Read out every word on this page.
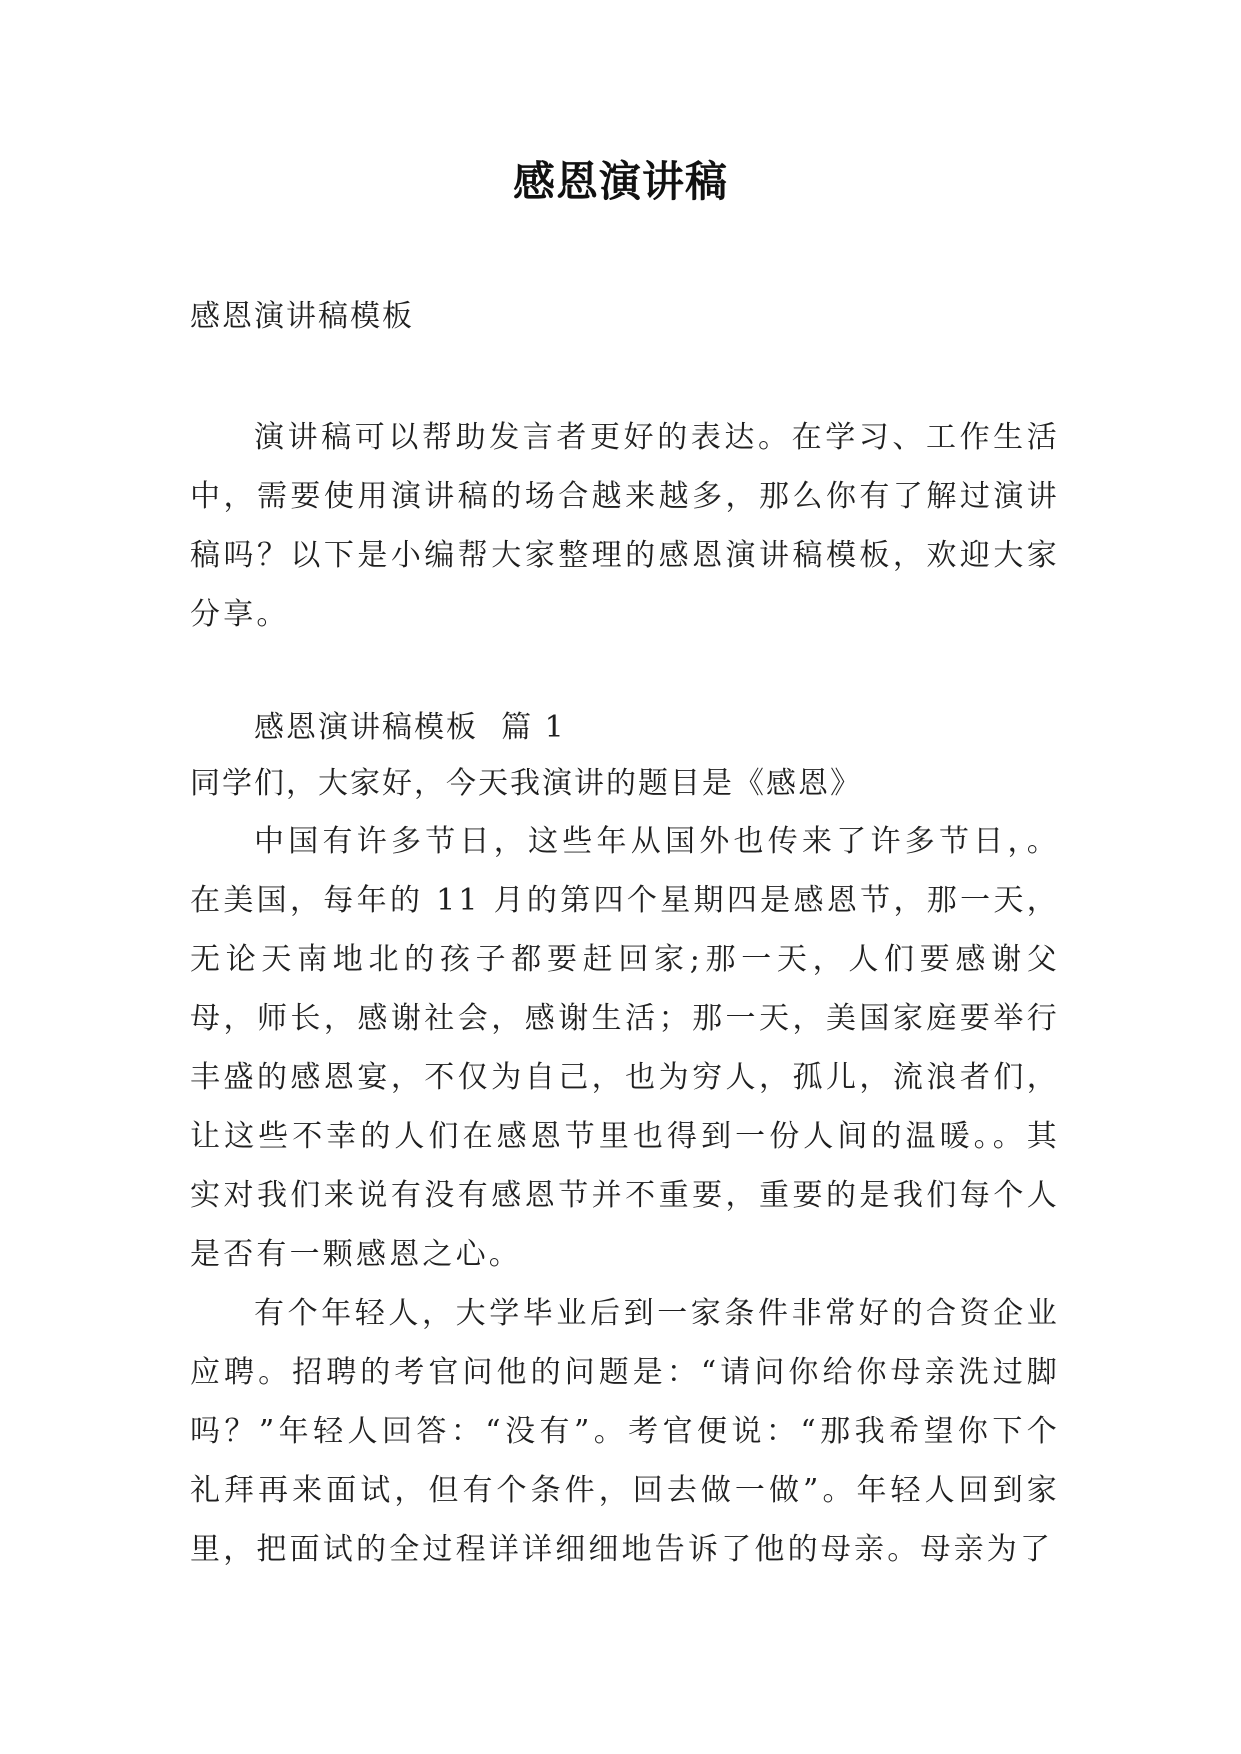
感恩演讲稿
感恩演讲稿模板

演讲稿可以帮助发言者更好的表达。在学习、工作生活中，需要使用演讲稿的场合越来越多，那么你有了解过演讲稿吗？以下是小编帮大家整理的感恩演讲稿模板，欢迎大家分享。

感恩演讲稿模板  篇 1
同学们，大家好，今天我演讲的题目是《感恩》

中国有许多节日，这些年从国外也传来了许多节日，。在美国，每年的 11 月的第四个星期四是感恩节，那一天，无论天南地北的孩子都要赶回家;那一天，人们要感谢父母，师长，感谢社会，感谢生活；那一天，美国家庭要举行丰盛的感恩宴，不仅为自己，也为穷人，孤儿，流浪者们，让这些不幸的人们在感恩节里也得到一份人间的温暖。。其实对我们来说有没有感恩节并不重要，重要的是我们每个人是否有一颗感恩之心。

有个年轻人，大学毕业后到一家条件非常好的合资企业应聘。招聘的考官问他的问题是：“请问你给你母亲洗过脚吗？”年轻人回答：“没有”。考官便说：“那我希望你下个礼拜再来面试，但有个条件，回去做一做”。年轻人回到家里，把面试的全过程详详细细地告诉了他的母亲。母亲为了
